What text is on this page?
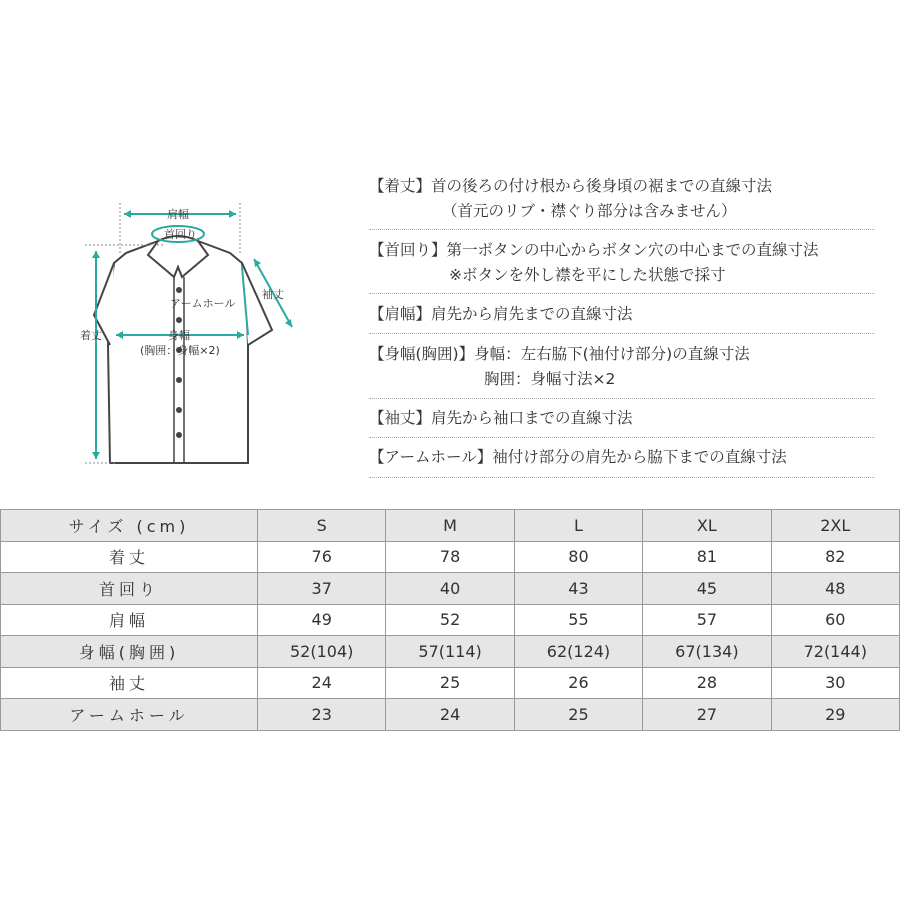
肩幅
首回り
アームホール
袖丈
着丈	身幅
(胸囲：身幅×2)
【着丈】首の後ろの付け根から後身頃の裾までの直線寸法
（首元のリブ・襟ぐり部分は含みません）
【首回り】第一ボタンの中心からボタン穴の中心までの直線寸法
※ボタンを外し襟を平にした状態で採寸
【肩幅】肩先から肩先までの直線寸法
【身幅(胸囲)】身幅：左右脇下(袖付け部分)の直線寸法
胸囲：身幅寸法×2
【袖丈】肩先から袖口までの直線寸法
【アームホール】袖付け部分の肩先から脇下までの直線寸法
サイズ (cm)	S	M	L	XL	2XL
着丈	76	78	80	81	82
首回り	37	40	43	45	48
肩幅	49	52	55	57	60
身幅(胸囲)	52(104)	57(114)	62(124)	67(134)	72(144)
袖丈	24	25	26	28	30
アームホール	23	24	25	27	29
